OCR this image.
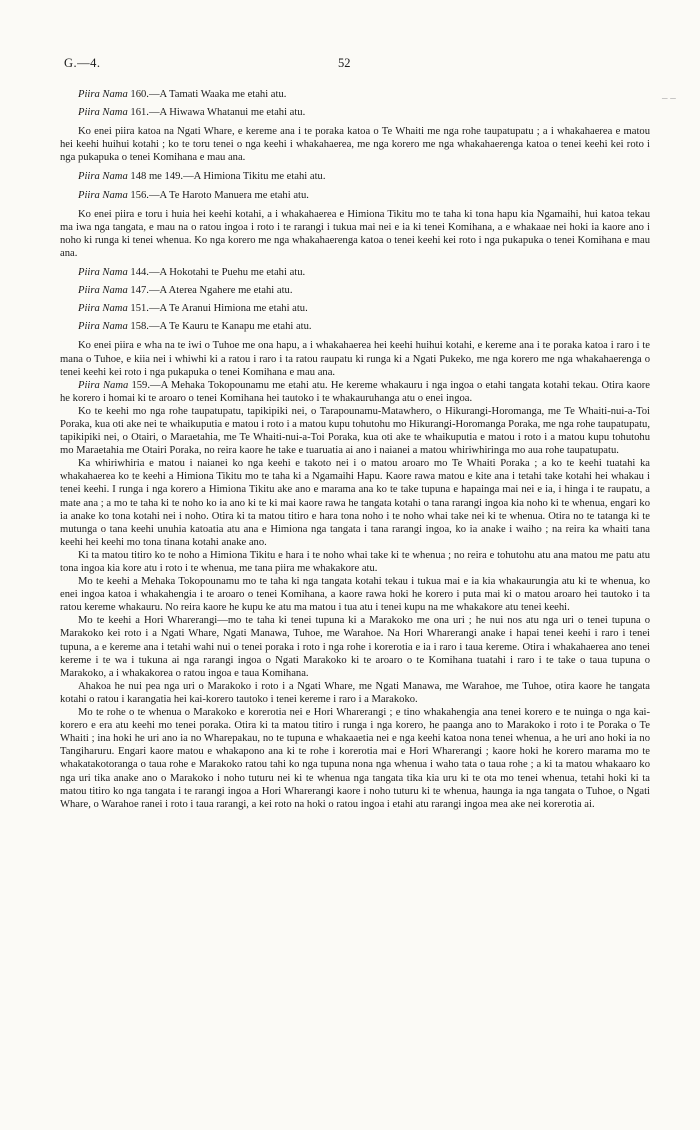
G.—4.	52
‒ ‒

Piira Nama 160.—A Tamati Waaka me etahi atu.

Piira Nama 161.—A Hiwawa Whatanui me etahi atu.

Ko enei piira katoa na Ngati Whare, e kereme ana i te poraka katoa o Te Whaiti me nga rohe taupatupatu ; a i whakahaerea e matou hei keehi huihui kotahi ; ko te toru tenei o nga keehi i whakahaerea, me nga korero me nga whakahaerenga katoa o tenei keehi kei roto i nga pukapuka o tenei Komihana e mau ana.

Piira Nama 148 me 149.—A Himiona Tikitu me etahi atu.

Piira Nama 156.—A Te Haroto Manuera me etahi atu.

Ko enei piira e toru i huia hei keehi kotahi, a i whakahaerea e Himiona Tikitu mo te taha ki tona hapu kia Ngamaihi, hui katoa tekau ma iwa nga tangata, e mau na o ratou ingoa i roto i te rarangi i tukua mai nei e ia ki tenei Komihana, a e whakaae nei hoki ia kaore ano i noho ki runga ki tenei whenua. Ko nga korero me nga whakahaerenga katoa o tenei keehi kei roto i nga pukapuka o tenei Komihana e mau ana.

Piira Nama 144.—A Hokotahi te Puehu me etahi atu.

Piira Nama 147.—A Aterea Ngahere me etahi atu.

Piira Nama 151.—A Te Aranui Himiona me etahi atu.

Piira Nama 158.—A Te Kauru te Kanapu me etahi atu.

Ko enei piira e wha na te iwi o Tuhoe me ona hapu, a i whakahaerea hei keehi huihui kotahi, e kereme ana i te poraka katoa i raro i te mana o Tuhoe, e kiia nei i whiwhi ki a ratou i raro i ta ratou raupatu ki runga ki a Ngati Pukeko, me nga korero me nga whakahaerenga o tenei keehi kei roto i nga pukapuka o tenei Komihana e mau ana.

Piira Nama 159.—A Mehaka Tokopounamu me etahi atu. He kereme whakauru i nga ingoa o etahi tangata kotahi tekau. Otira kaore he korero i homai ki te aroaro o tenei Komihana hei tautoko i te whakauruhanga atu o enei ingoa.

Ko te keehi mo nga rohe taupatupatu, tapikipiki nei, o Tarapounamu-Matawhero, o Hikurangi-Horomanga, me Te Whaiti-nui-a-Toi Poraka, kua oti ake nei te whaikuputia e matou i roto i a matou kupu tohutohu mo Hikurangi-Horomanga Poraka, me nga rohe taupatupatu, tapikipiki nei, o Otairi, o Maraetahia, me Te Whaiti-nui-a-Toi Poraka, kua oti ake te whaikuputia e matou i roto i a matou kupu tohutohu mo Maraetahia me Otairi Poraka, no reira kaore he take e tuaruatia ai ano i naianei a matou whiriwhiringa mo aua rohe taupatupatu.

Ka whiriwhiria e matou i naianei ko nga keehi e takoto nei i o matou aroaro mo Te Whaiti Poraka ; a ko te keehi tuatahi ka whakahaerea ko te keehi a Himiona Tikitu mo te taha ki a Ngamaihi Hapu. Kaore rawa matou e kite ana i tetahi take kotahi hei whakau i tenei keehi. I runga i nga korero a Himiona Tikitu ake ano e marama ana ko te take tupuna e hapainga mai nei e ia, i hinga i te raupatu, a mate ana ; a mo te taha ki te noho ko ia ano ki te ki mai kaore rawa he tangata kotahi o tana rarangi ingoa kia noho ki te whenua, engari ko ia anake ko tona kotahi nei i noho. Otira ki ta matou titiro e hara tona noho i te noho whai take nei ki te whenua. Otira no te tatanga ki te mutunga o tana keehi unuhia katoatia atu ana e Himiona nga tangata i tana rarangi ingoa, ko ia anake i waiho ; na reira ka whaiti tana keehi hei keehi mo tona tinana kotahi anake ano.

Ki ta matou titiro ko te noho a Himiona Tikitu e hara i te noho whai take ki te whenua ; no reira e tohutohu atu ana matou me patu atu tona ingoa kia kore atu i roto i te whenua, me tana piira me whakakore atu.

Mo te keehi a Mehaka Tokopounamu mo te taha ki nga tangata kotahi tekau i tukua mai e ia kia whakaurungia atu ki te whenua, ko enei ingoa katoa i whakahengia i te aroaro o tenei Komihana, a kaore rawa hoki he korero i puta mai ki o matou aroaro hei tautoko i ta ratou kereme whakauru. No reira kaore he kupu ke atu ma matou i tua atu i tenei kupu na me whakakore atu tenei keehi.

Mo te keehi a Hori Wharerangi—mo te taha ki tenei tupuna ki a Marakoko me ona uri ; he nui nos atu nga uri o tenei tupuna o Marakoko kei roto i a Ngati Whare, Ngati Manawa, Tuhoe, me Warahoe. Na Hori Wharerangi anake i hapai tenei keehi i raro i tenei tupuna, a e kereme ana i tetahi wahi nui o tenei poraka i roto i nga rohe i korerotia e ia i raro i taua kereme. Otira i whakahaerea ano tenei kereme i te wa i tukuna ai nga rarangi ingoa o Ngati Marakoko ki te aroaro o te Komihana tuatahi i raro i te take o taua tupuna o Marakoko, a i whakakorea o ratou ingoa e taua Komihana.

Ahakoa he nui pea nga uri o Marakoko i roto i a Ngati Whare, me Ngati Manawa, me Warahoe, me Tuhoe, otira kaore he tangata kotahi o ratou i karangatia hei kai-korero tautoko i tenei kereme i raro i a Marakoko.

Mo te rohe o te whenua o Marakoko e korerotia nei e Hori Wharerangi ; e tino whakahengia ana tenei korero e te nuinga o nga kai-korero e era atu keehi mo tenei poraka. Otira ki ta matou titiro i runga i nga korero, he paanga ano to Marakoko i roto i te Poraka o Te Whaiti ; ina hoki he uri ano ia no Wharepakau, no te tupuna e whakaaetia nei e nga keehi katoa nona tenei whenua, a he uri ano hoki ia no Tangiharuru. Engari kaore matou e whakapono ana ki te rohe i korerotia mai e Hori Wharerangi ; kaore hoki he korero marama mo te whakatakotoranga o taua rohe e Marakoko ratou tahi ko nga tupuna nona nga whenua i waho tata o taua rohe ; a ki ta matou whakaaro ko nga uri tika anake ano o Marakoko i noho tuturu nei ki te whenua nga tangata tika kia uru ki te ota mo tenei whenua, tetahi hoki ki ta matou titiro ko nga tangata i te rarangi ingoa a Hori Wharerangi kaore i noho tuturu ki te whenua, haunga ia nga tangata o Tuhoe, o Ngati Whare, o Warahoe ranei i roto i taua rarangi, a kei roto na hoki o ratou ingoa i etahi atu rarangi ingoa mea ake nei korerotia ai.
